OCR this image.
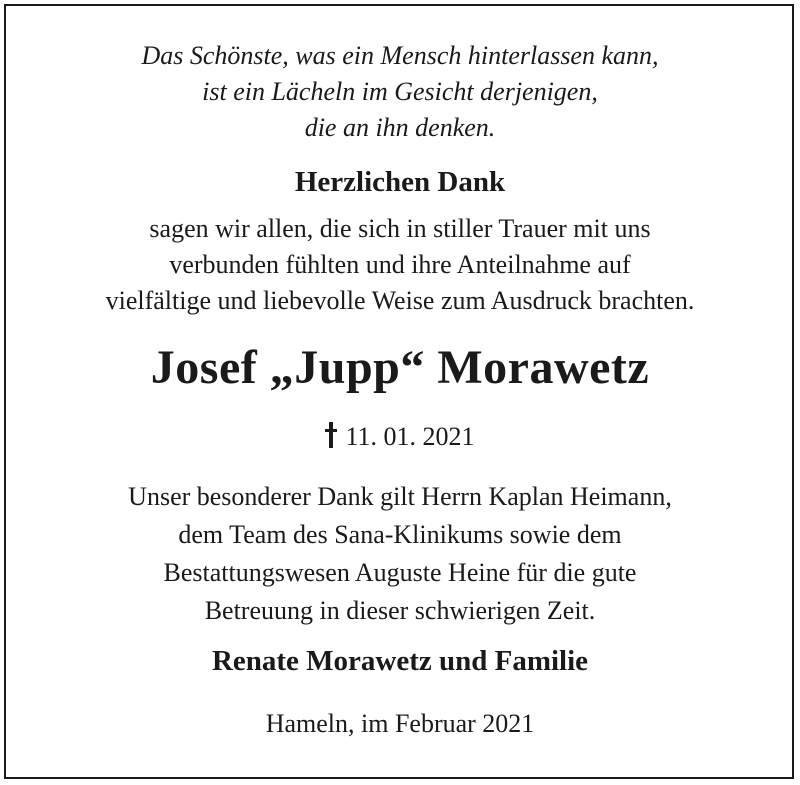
Das Schönste, was ein Mensch hinterlassen kann,
ist ein Lächeln im Gesicht derjenigen,
die an ihn denken.

Herzlichen Dank

sagen wir allen, die sich in stiller Trauer mit uns
verbunden fühlten und ihre Anteilnahme auf
vielfältige und liebevolle Weise zum Ausdruck brachten.

Josef „Jupp“ Morawetz
11. 01. 2021

Unser besonderer Dank gilt Herrn Kaplan Heimann,
dem Team des Sana-Klinikums sowie dem
Bestattungswesen Auguste Heine für die gute
Betreuung in dieser schwierigen Zeit.

Renate Morawetz und Familie
Hameln, im Februar 2021
